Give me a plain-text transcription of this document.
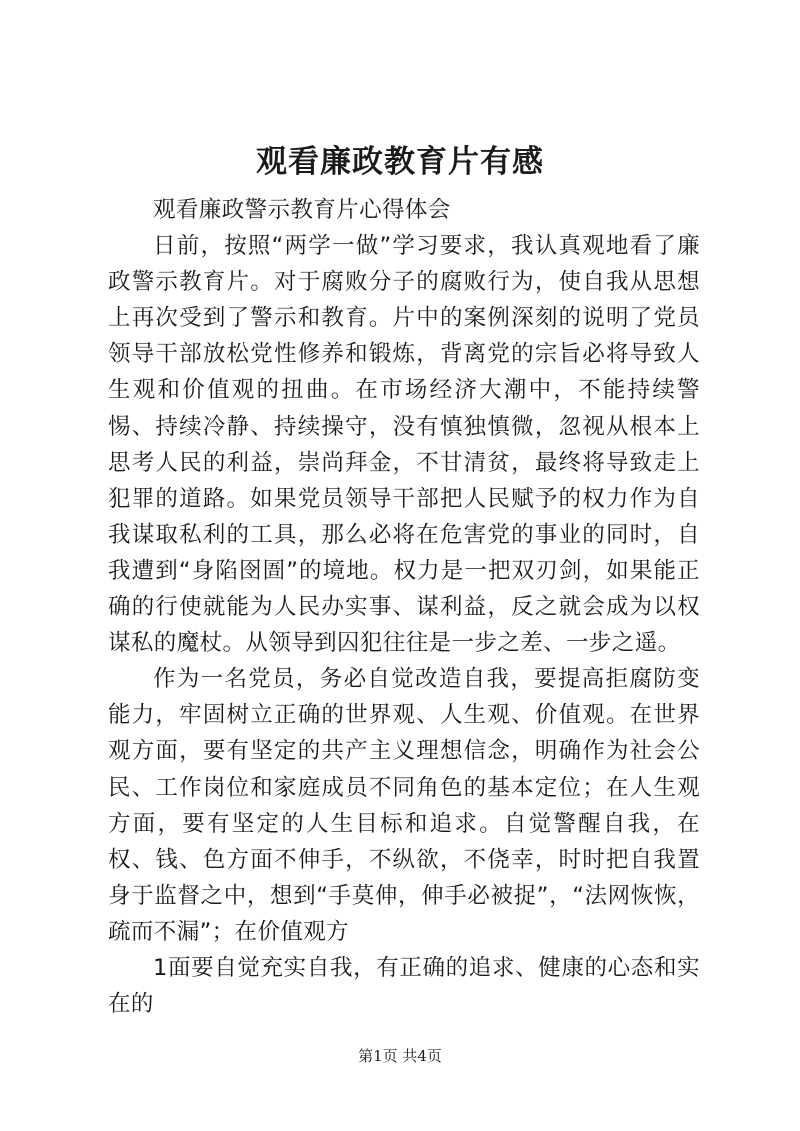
观看廉政教育片有感

观看廉政警示教育片心得体会

日前，按照“两学一做”学习要求，我认真观地看了廉政警示教育片。对于腐败分子的腐败行为，使自我从思想上再次受到了警示和教育。片中的案例深刻的说明了党员领导干部放松党性修养和锻炼，背离党的宗旨必将导致人生观和价值观的扭曲。在市场经济大潮中，不能持续警惕、持续冷静、持续操守，没有慎独慎微，忽视从根本上思考人民的利益，崇尚拜金，不甘清贫，最终将导致走上犯罪的道路。如果党员领导干部把人民赋予的权力作为自我谋取私利的工具，那么必将在危害党的事业的同时，自我遭到“身陷囹圄”的境地。权力是一把双刃剑，如果能正确的行使就能为人民办实事、谋利益，反之就会成为以权谋私的魔杖。从领导到囚犯往往是一步之差、一步之遥。

作为一名党员，务必自觉改造自我，要提高拒腐防变能力，牢固树立正确的世界观、人生观、价值观。在世界观方面，要有坚定的共产主义理想信念，明确作为社会公民、工作岗位和家庭成员不同角色的基本定位；在人生观方面，要有坚定的人生目标和追求。自觉警醒自我，在权、钱、色方面不伸手，不纵欲，不侥幸，时时把自我置身于监督之中，想到“手莫伸，伸手必被捉”，“法网恢恢，疏而不漏”；在价值观方

1面要自觉充实自我，有正确的追求、健康的心态和实在的

第1页 共4页
